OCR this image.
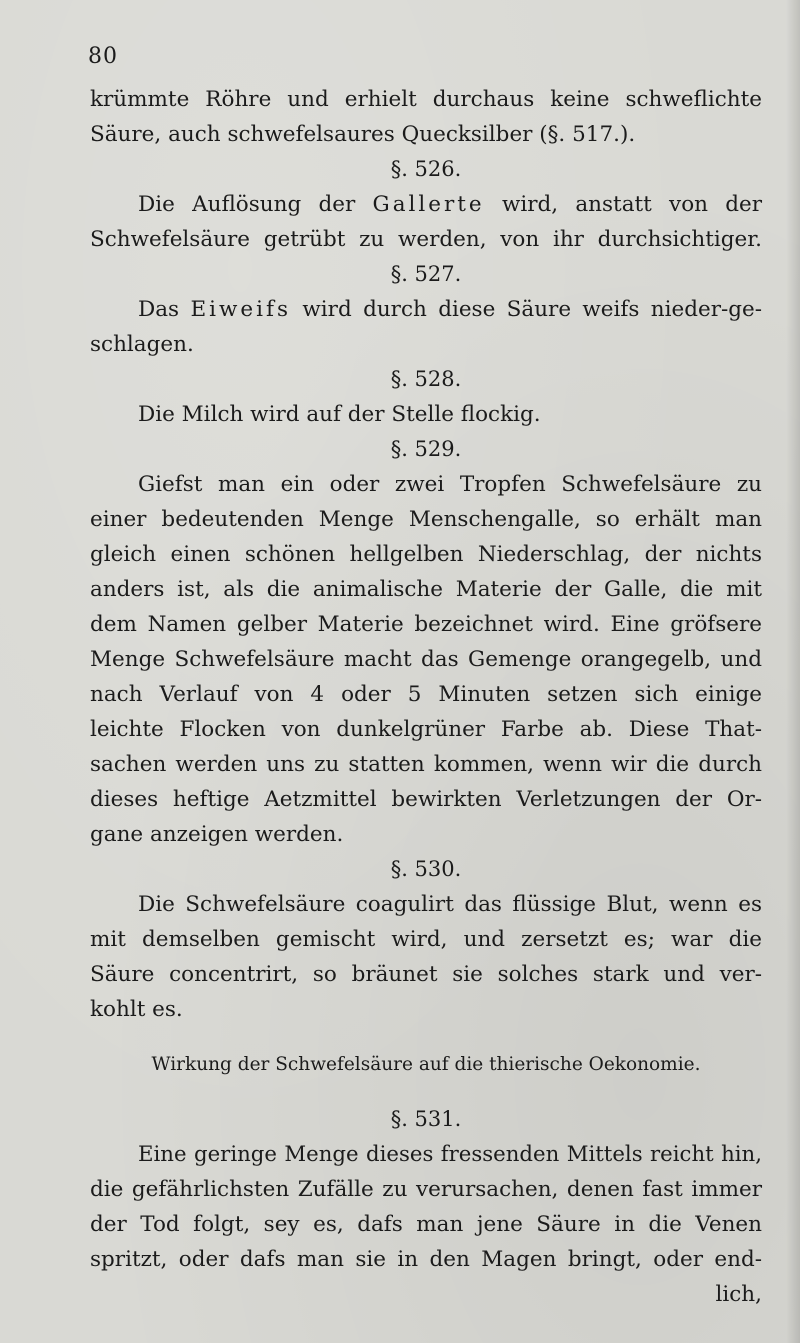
80
krümmte Röhre und erhielt durchaus keine schweflichte
Säure, auch schwefelsaures Quecksilber (§. 517.).
§. 526.
Die Auflösung der Gallerte wird, anstatt von der
Schwefelsäure getrübt zu werden, von ihr durchsichtiger.
§. 527.
Das Eiweifs wird durch diese Säure weifs nieder-ge-
schlagen.
§. 528.
Die Milch wird auf der Stelle flockig.
§. 529.
Giefst man ein oder zwei Tropfen Schwefelsäure zu
einer bedeutenden Menge Menschengalle, so erhält man
gleich einen schönen hellgelben Niederschlag, der nichts
anders ist, als die animalische Materie der Galle, die mit
dem Namen gelber Materie bezeichnet wird. Eine gröfsere
Menge Schwefelsäure macht das Gemenge orangegelb, und
nach Verlauf von 4 oder 5 Minuten setzen sich einige
leichte Flocken von dunkelgrüner Farbe ab. Diese That-
sachen werden uns zu statten kommen, wenn wir die durch
dieses heftige Aetzmittel bewirkten Verletzungen der Or-
gane anzeigen werden.
§. 530.
Die Schwefelsäure coagulirt das flüssige Blut, wenn es
mit demselben gemischt wird, und zersetzt es; war die
Säure concentrirt, so bräunet sie solches stark und ver-
kohlt es.
Wirkung der Schwefelsäure auf die thierische Oekonomie.
§. 531.
Eine geringe Menge dieses fressenden Mittels reicht hin,
die gefährlichsten Zufälle zu verursachen, denen fast immer
der Tod folgt, sey es, dafs man jene Säure in die Venen
spritzt, oder dafs man sie in den Magen bringt, oder end-
lich,
